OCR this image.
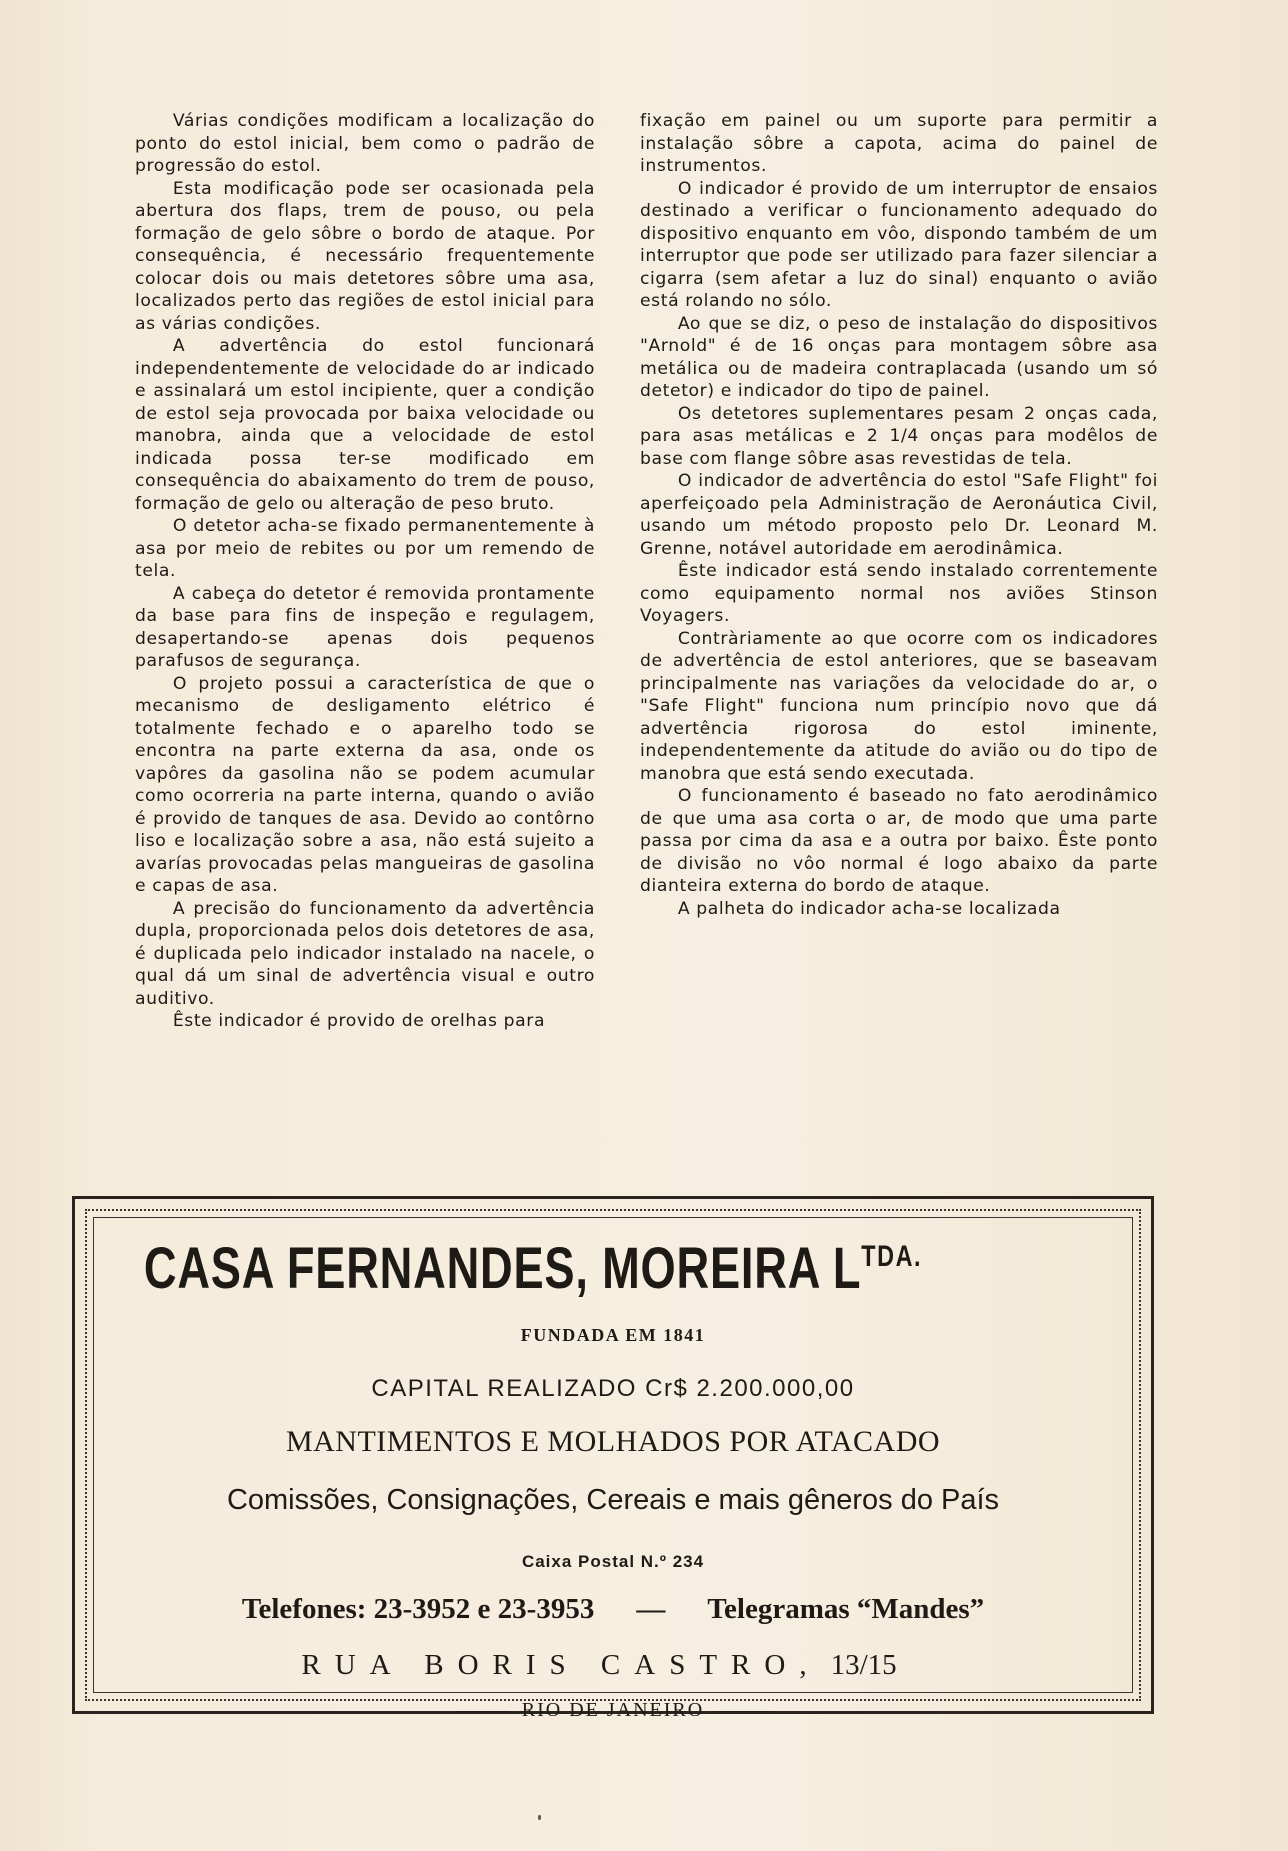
Várias condições modificam a localização do ponto do estol inicial, bem como o padrão de progressão do estol.

Esta modificação pode ser ocasionada pela abertura dos flaps, trem de pouso, ou pela formação de gelo sôbre o bordo de ataque. Por consequência, é necessário frequentemente colocar dois ou mais detetores sôbre uma asa, localizados perto das regiões de estol inicial para as várias condições.

A advertência do estol funcionará independentemente de velocidade do ar indicado e assinalará um estol incipiente, quer a condição de estol seja provocada por baixa velocidade ou manobra, ainda que a velocidade de estol indicada possa ter-se modificado em consequência do abaixamento do trem de pouso, formação de gelo ou alteração de peso bruto.

O detetor acha-se fixado permanentemente à asa por meio de rebites ou por um remendo de tela.

A cabeça do detetor é removida prontamente da base para fins de inspeção e regulagem, desapertando-se apenas dois pequenos parafusos de segurança.

O projeto possui a característica de que o mecanismo de desligamento elétrico é totalmente fechado e o aparelho todo se encontra na parte externa da asa, onde os vapôres da gasolina não se podem acumular como ocorreria na parte interna, quando o avião é provido de tanques de asa. Devido ao contôrno liso e localização sobre a asa, não está sujeito a avarías provocadas pelas mangueiras de gasolina e capas de asa.

A precisão do funcionamento da advertência dupla, proporcionada pelos dois detetores de asa, é duplicada pelo indicador instalado na nacele, o qual dá um sinal de advertência visual e outro auditivo.

Êste indicador é provido de orelhas para

fixação em painel ou um suporte para permitir a instalação sôbre a capota, acima do painel de instrumentos.

O indicador é provido de um interruptor de ensaios destinado a verificar o funcionamento adequado do dispositivo enquanto em vôo, dispondo também de um interruptor que pode ser utilizado para fazer silenciar a cigarra (sem afetar a luz do sinal) enquanto o avião está rolando no sólo.

Ao que se diz, o peso de instalação do dispositivos "Arnold" é de 16 onças para montagem sôbre asa metálica ou de madeira contraplacada (usando um só detetor) e indicador do tipo de painel.

Os detetores suplementares pesam 2 onças cada, para asas metálicas e 2 1/4 onças para modêlos de base com flange sôbre asas revestidas de tela.

O indicador de advertência do estol "Safe Flight" foi aperfeiçoado pela Administração de Aeronáutica Civil, usando um método proposto pelo Dr. Leonard M. Grenne, notável autoridade em aerodinâmica.

Êste indicador está sendo instalado correntemente como equipamento normal nos aviões Stinson Voyagers.

Contràriamente ao que ocorre com os indicadores de advertência de estol anteriores, que se baseavam principalmente nas variações da velocidade do ar, o "Safe Flight" funciona num princípio novo que dá advertência rigorosa do estol iminente, independentemente da atitude do avião ou do tipo de manobra que está sendo executada.

O funcionamento é baseado no fato aerodinâmico de que uma asa corta o ar, de modo que uma parte passa por cima da asa e a outra por baixo. Êste ponto de divisão no vôo normal é logo abaixo da parte dianteira externa do bordo de ataque.

A palheta do indicador acha-se localizada

CASA FERNANDES, MOREIRA $L^{TDA.}$
FUNDADA EM 1841
CAPITAL REALIZADO Cr$ 2.200.000,00
MANTIMENTOS E MOLHADOS POR ATACADO
Comissões, Consignações, Cereais e mais gêneros do País
Caixa Postal N.º 234
Telefones: 23-3952 e 23-3953 — Telegramas “Mandes”
RUA BORIS CASTRO, 13/15
RIO DE JANEIRO
